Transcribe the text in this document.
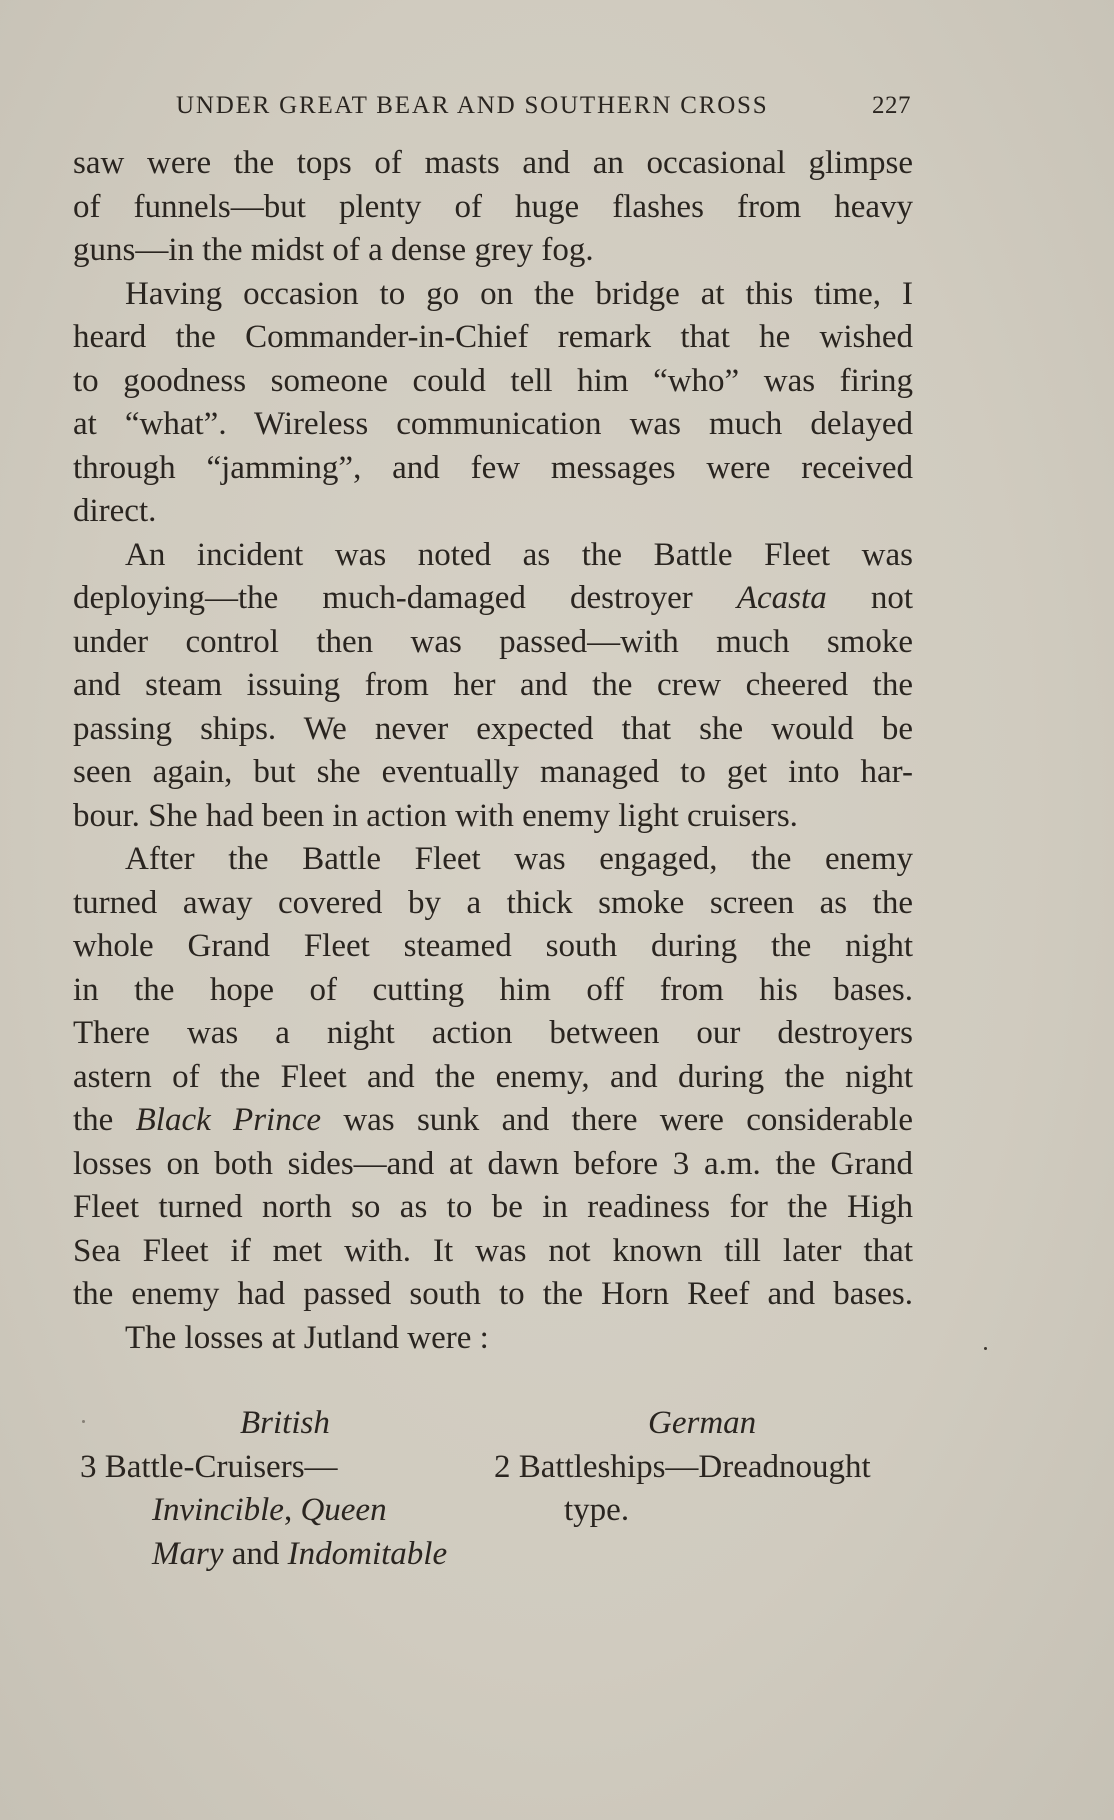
UNDER GREAT BEAR AND SOUTHERN CROSS	227

saw were the tops of masts and an occasional glimpse
of funnels—but plenty of huge flashes from heavy
guns—in the midst of a dense grey fog.

Having occasion to go on the bridge at this time, I
heard the Commander-in-Chief remark that he wished
to goodness someone could tell him “who” was firing
at “what”. Wireless communication was much delayed
through “jamming”, and few messages were received
direct.

An incident was noted as the Battle Fleet was
deploying—the much-damaged destroyer Acasta not
under control then was passed—with much smoke
and steam issuing from her and the crew cheered the
passing ships. We never expected that she would be
seen again, but she eventually managed to get into har-
bour. She had been in action with enemy light cruisers.

After the Battle Fleet was engaged, the enemy
turned away covered by a thick smoke screen as the
whole Grand Fleet steamed south during the night
in the hope of cutting him off from his bases.
There was a night action between our destroyers
astern of the Fleet and the enemy, and during the night
the Black Prince was sunk and there were considerable
losses on both sides—and at dawn before 3 a.m. the Grand
Fleet turned north so as to be in readiness for the High
Sea Fleet if met with. It was not known till later that
the enemy had passed south to the Horn Reef and bases.

The losses at Jutland were :

British
3 Battle-Cruisers—
Invincible, Queen
Mary and Indomitable
German
2 Battleships—Dreadnought
type.
